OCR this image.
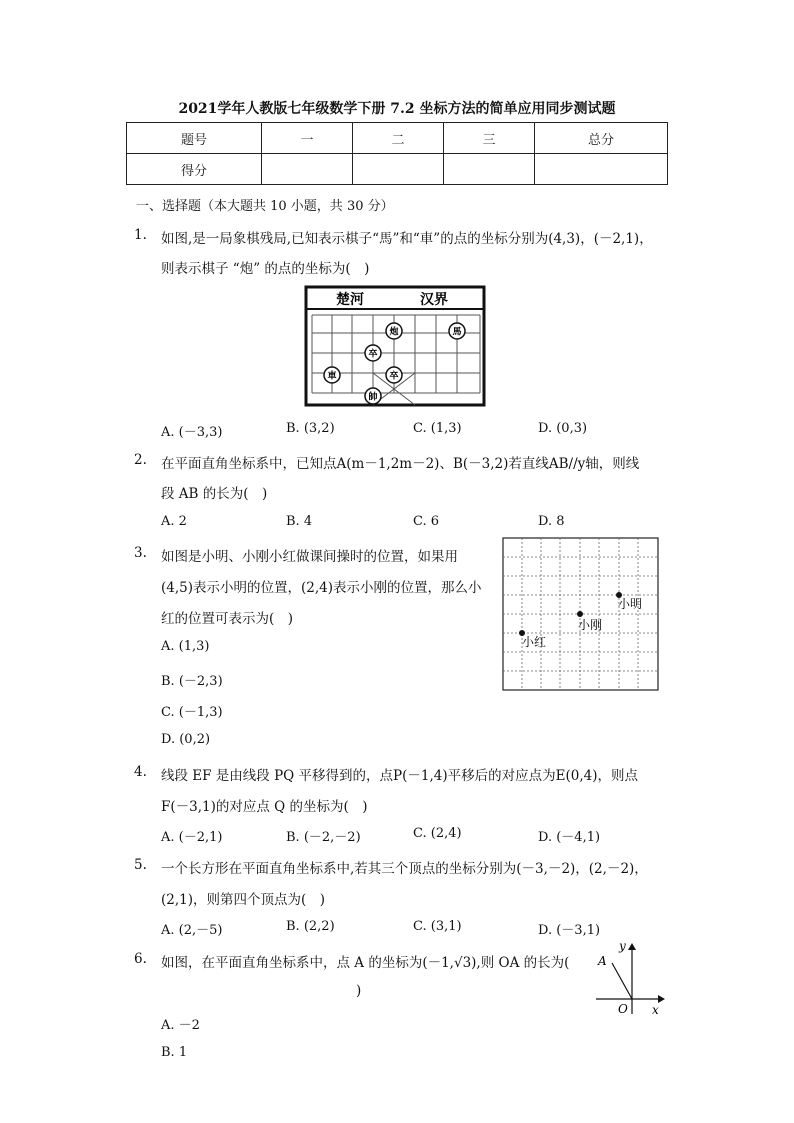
2021学年人教版七年级数学下册 7.2 坐标方法的简单应用同步测试题
题号	一	二	三	总分
得分				
一、选择题（本大题共 10 小题，共 30 分）
1. 如图,是一局象棋残局,已知表示棋子“馬”和“車”的点的坐标分别为(4,3)，(－2,1)，
则表示棋子 “炮” 的点的坐标为(　)
楚河	汉界
炮	馬
卒
車	卒
帥
A. (－3,3)	B. (3,2)	C. (1,3)	D. (0,3)
2. 在平面直角坐标系中，已知点A(m－1,2m－2)、B(－3,2)若直线AB//y轴，则线
段 AB 的长为(　)
A. 2	B. 4	C. 6	D. 8
3. 如图是小明、小刚小红做课间操时的位置，如果用
(4,5)表示小明的位置，(2,4)表示小刚的位置，那么小
红的位置可表示为(　)
小明
小刚
小红
A. (1,3)
B. (－2,3)
C. (－1,3)
D. (0,2)
4. 线段 EF 是由线段 PQ 平移得到的，点P(－1,4)平移后的对应点为E(0,4)，则点
F(－3,1)的对应点 Q 的坐标为(　)
A. (－2,1)	B. (－2,－2)	C. (2,4)	D. (－4,1)
5. 一个长方形在平面直角坐标系中,若其三个顶点的坐标分别为(－3,－2)，(2,－2)，
(2,1)，则第四个顶点为(　)
A. (2,－5)	B. (2,2)	C. (3,1)	D. (－3,1)
6. 如图，在平面直角坐标系中，点 A 的坐标为(－1,√3),则 OA 的长为(
)
y
A
O x
A. －2
B. 1
